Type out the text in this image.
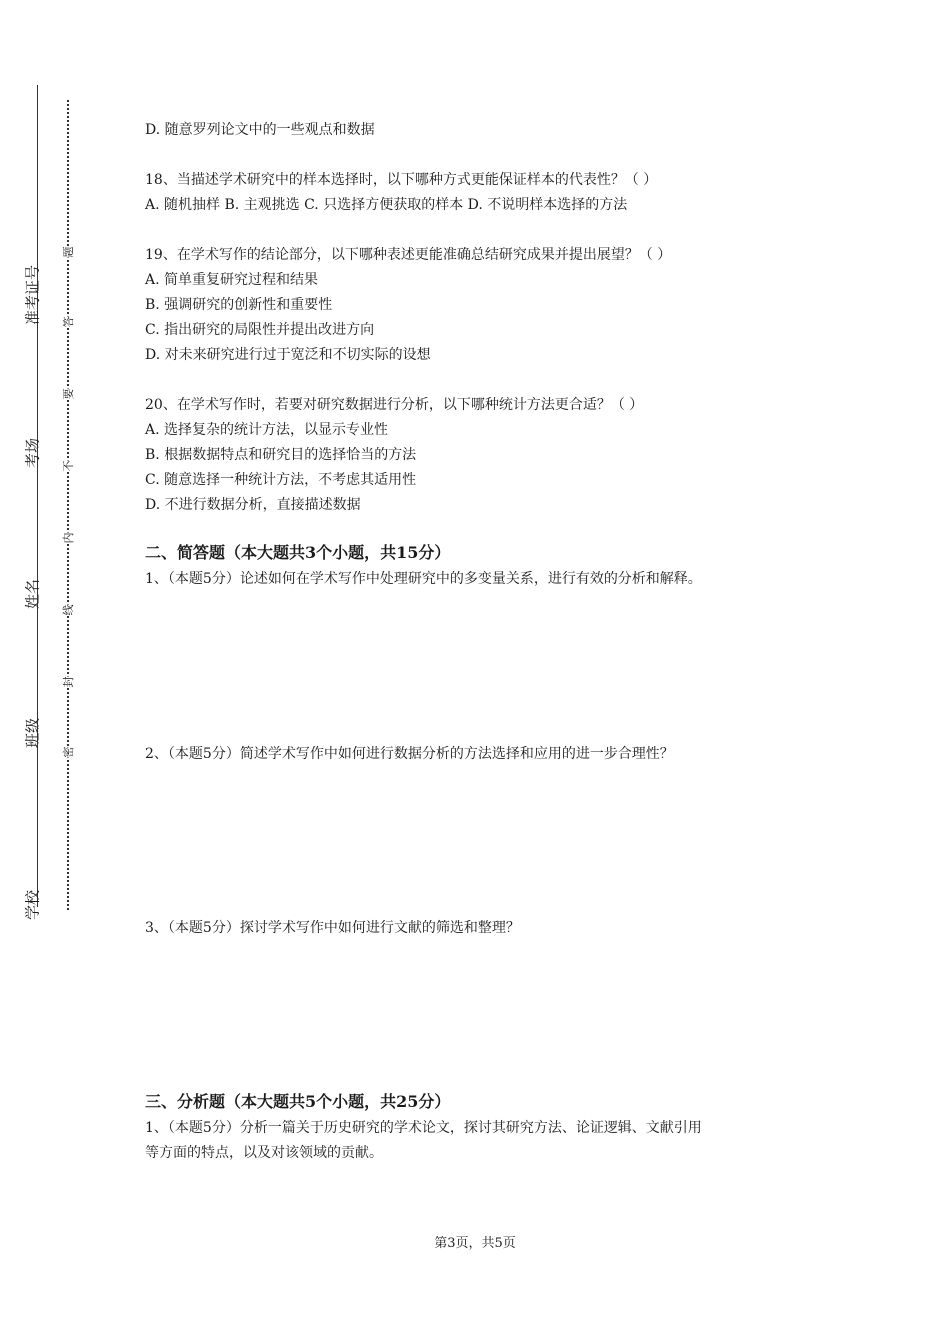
准考证号
考场
姓名
班级
学校
题
答
要
不
内
线
封
密
D. 随意罗列论文中的一些观点和数据
18、当描述学术研究中的样本选择时，以下哪种方式更能保证样本的代表性？（ ）
A. 随机抽样 B. 主观挑选 C. 只选择方便获取的样本 D. 不说明样本选择的方法
19、在学术写作的结论部分，以下哪种表述更能准确总结研究成果并提出展望？（ ）
A. 简单重复研究过程和结果
B. 强调研究的创新性和重要性
C. 指出研究的局限性并提出改进方向
D. 对未来研究进行过于宽泛和不切实际的设想
20、在学术写作时，若要对研究数据进行分析，以下哪种统计方法更合适？（ ）
A. 选择复杂的统计方法，以显示专业性
B. 根据数据特点和研究目的选择恰当的方法
C. 随意选择一种统计方法，不考虑其适用性
D. 不进行数据分析，直接描述数据
二、简答题（本大题共3个小题，共15分）
1、（本题5分）论述如何在学术写作中处理研究中的多变量关系，进行有效的分析和解释。
2、（本题5分）简述学术写作中如何进行数据分析的方法选择和应用的进一步合理性？
3、（本题5分）探讨学术写作中如何进行文献的筛选和整理？
三、分析题（本大题共5个小题，共25分）
1、（本题5分）分析一篇关于历史研究的学术论文，探讨其研究方法、论证逻辑、文献引用
等方面的特点，以及对该领域的贡献。
第3页，共5页
